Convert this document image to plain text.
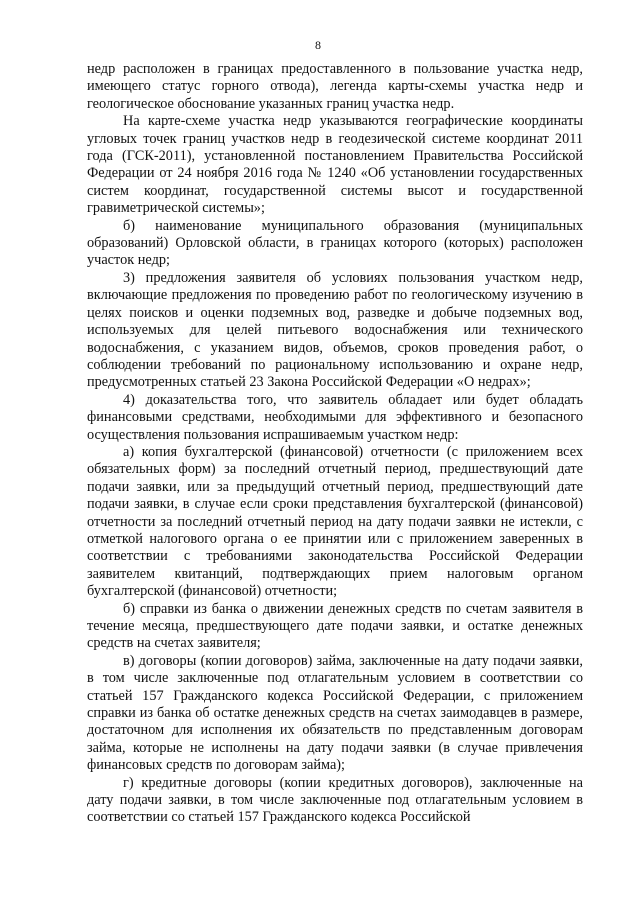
8

недр расположен в границах предоставленного в пользование участка недр, имеющего статус горного отвода), легенда карты-схемы участка недр и геологическое обоснование указанных границ участка недр.

На карте-схеме участка недр указываются географические координаты угловых точек границ участков недр в геодезической системе координат 2011 года (ГСК-2011), установленной постановлением Правительства Российской Федерации от 24 ноября 2016 года № 1240 «Об установлении государственных систем координат, государственной системы высот и государственной гравиметрической системы»;

б) наименование муниципального образования (муниципальных образований) Орловской области, в границах которого (которых) расположен участок недр;

3) предложения заявителя об условиях пользования участком недр, включающие предложения по проведению работ по геологическому изучению в целях поисков и оценки подземных вод, разведке и добыче подземных вод, используемых для целей питьевого водоснабжения или технического водоснабжения, с указанием видов, объемов, сроков проведения работ, о соблюдении требований по рациональному использованию и охране недр, предусмотренных статьей 23 Закона Российской Федерации «О недрах»;

4) доказательства того, что заявитель обладает или будет обладать финансовыми средствами, необходимыми для эффективного и безопасного осуществления пользования испрашиваемым участком недр:

а) копия бухгалтерской (финансовой) отчетности (с приложением всех обязательных форм) за последний отчетный период, предшествующий дате подачи заявки, или за предыдущий отчетный период, предшествующий дате подачи заявки, в случае если сроки представления бухгалтерской (финансовой) отчетности за последний отчетный период на дату подачи заявки не истекли, с отметкой налогового органа о ее принятии или с приложением заверенных в соответствии с требованиями законодательства Российской Федерации заявителем квитанций, подтверждающих прием налоговым органом бухгалтерской (финансовой) отчетности;

б) справки из банка о движении денежных средств по счетам заявителя в течение месяца, предшествующего дате подачи заявки, и остатке денежных средств на счетах заявителя;

в) договоры (копии договоров) займа, заключенные на дату подачи заявки, в том числе заключенные под отлагательным условием в соответствии со статьей 157 Гражданского кодекса Российской Федерации, с приложением справки из банка об остатке денежных средств на счетах заимодавцев в размере, достаточном для исполнения их обязательств по представленным договорам займа, которые не исполнены на дату подачи заявки (в случае привлечения финансовых средств по договорам займа);

г) кредитные договоры (копии кредитных договоров), заключенные на дату подачи заявки, в том числе заключенные под отлагательным условием в соответствии со статьей 157 Гражданского кодекса Российской
